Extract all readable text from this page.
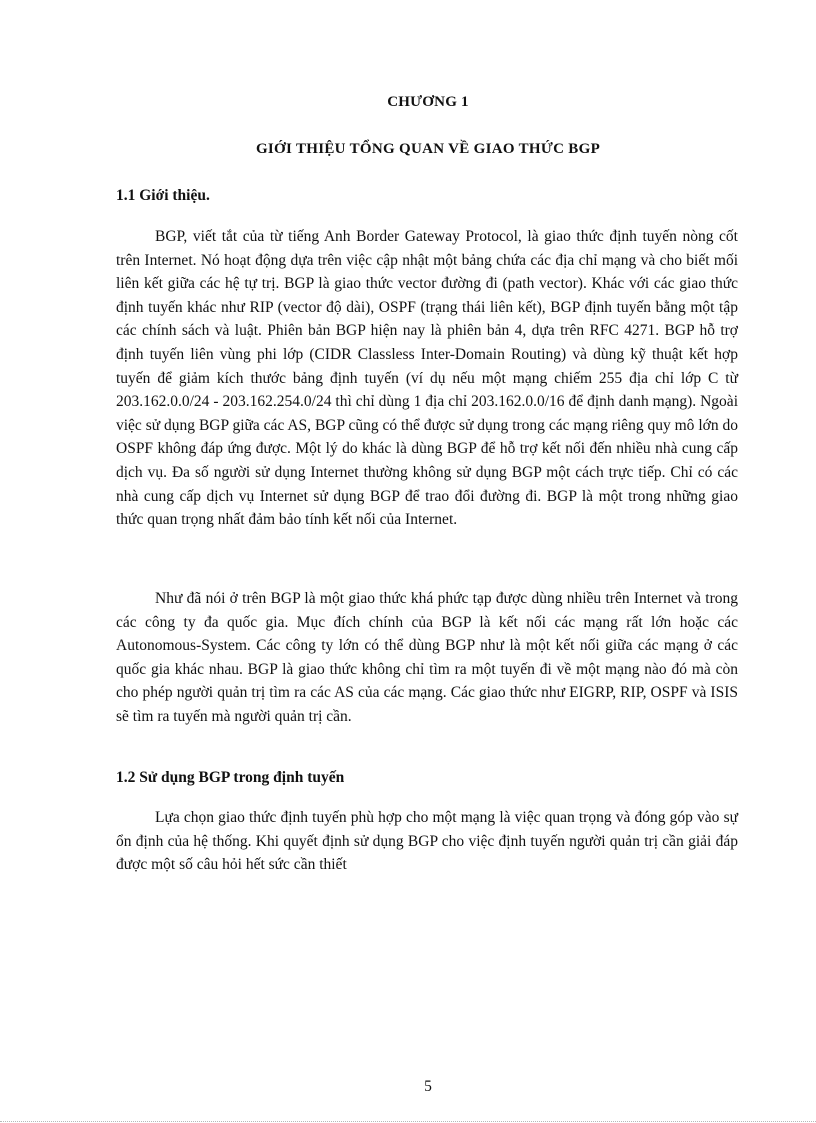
CHƯƠNG 1
GIỚI THIỆU TỔNG QUAN VỀ GIAO THỨC BGP
1.1 Giới thiệu.

BGP, viết tắt của từ tiếng Anh Border Gateway Protocol, là giao thức định tuyến nòng cốt trên Internet. Nó hoạt động dựa trên việc cập nhật một bảng chứa các địa chỉ mạng và cho biết mối liên kết giữa các hệ tự trị. BGP là giao thức vector đường đi (path vector). Khác với các giao thức định tuyến khác như RIP (vector độ dài), OSPF (trạng thái liên kết), BGP định tuyến bằng một tập các chính sách và luật. Phiên bản BGP hiện nay là phiên bản 4, dựa trên RFC 4271. BGP hỗ trợ định tuyến liên vùng phi lớp (CIDR Classless Inter-Domain Routing) và dùng kỹ thuật kết hợp tuyến để giảm kích thước bảng định tuyến (ví dụ nếu một mạng chiếm 255 địa chỉ lớp C từ 203.162.0.0/24 - 203.162.254.0/24 thì chỉ dùng 1 địa chỉ 203.162.0.0/16 để định danh mạng). Ngoài việc sử dụng BGP giữa các AS, BGP cũng có thể được sử dụng trong các mạng riêng quy mô lớn do OSPF không đáp ứng được. Một lý do khác là dùng BGP để hỗ trợ kết nối đến nhiều nhà cung cấp dịch vụ. Đa số người sử dụng Internet thường không sử dụng BGP một cách trực tiếp. Chỉ có các nhà cung cấp dịch vụ Internet sử dụng BGP để trao đổi đường đi. BGP là một trong những giao thức quan trọng nhất đảm bảo tính kết nối của Internet.

Như đã nói ở trên BGP là một giao thức khá phức tạp được dùng nhiều trên Internet và trong các công ty đa quốc gia. Mục đích chính của BGP là kết nối các mạng rất lớn hoặc các Autonomous-System. Các công ty lớn có thể dùng BGP như là một kết nối giữa các mạng ở các quốc gia khác nhau. BGP là giao thức không chỉ tìm ra một tuyến đi về một mạng nào đó mà còn cho phép người quản trị tìm ra các AS của các mạng. Các giao thức như EIGRP, RIP, OSPF và ISIS sẽ tìm ra tuyến mà người quản trị cần.

1.2 Sử dụng BGP trong định tuyến

Lựa chọn giao thức định tuyến phù hợp cho một mạng là việc quan trọng và đóng góp vào sự ổn định của hệ thống. Khi quyết định sử dụng BGP cho việc định tuyến người quản trị cần giải đáp được một số câu hỏi hết sức cần thiết

5
